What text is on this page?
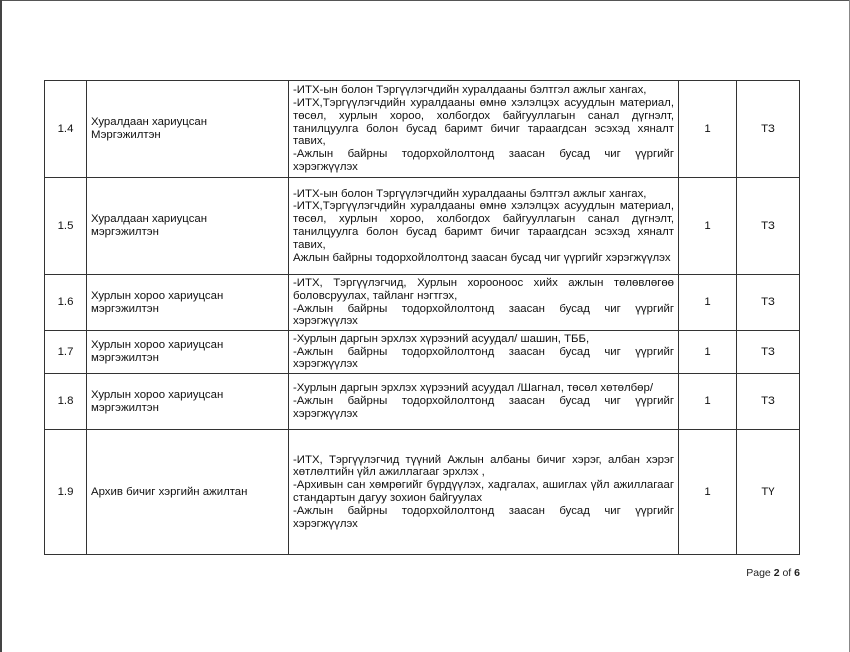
1.4	Хуралдаан хариуцсан
Мэргэжилтэн	-ИТХ-ын болон Тэргүүлэгчдийн хуралдааны бэлтгэл ажлыг хангах,
-ИТХ,Тэргүүлэгчдийн хуралдааны өмнө хэлэлцэх асуудлын материал, төсөл, хурлын хороо, холбогдох байгууллагын санал дүгнэлт, танилцуулга болон бусад баримт бичиг тараагдсан эсэхэд хяналт тавих,
-Ажлын байрны тодорхойлолтонд заасан бусад чиг үүргийг хэрэгжүүлэх	1	ТЗ
1.5	Хуралдаан хариуцсан
мэргэжилтэн	-ИТХ-ын болон Тэргүүлэгчдийн хуралдааны бэлтгэл ажлыг хангах,
-ИТХ,Тэргүүлэгчдийн хуралдааны өмнө хэлэлцэх асуудлын материал, төсөл, хурлын хороо, холбогдох байгууллагын санал дүгнэлт, танилцуулга болон бусад баримт бичиг тараагдсан эсэхэд хяналт тавих,
Ажлын байрны тодорхойлолтонд заасан бусад чиг үүргийг хэрэгжүүлэх	1	ТЗ
1.6	Хурлын хороо хариуцсан
мэргэжилтэн	-ИТХ, Тэргүүлэгчид, Хурлын хорооноос хийх ажлын төлөвлөгөө боловсруулах, тайланг нэгтгэх,
-Ажлын байрны тодорхойлолтонд заасан бусад чиг үүргийг хэрэгжүүлэх	1	ТЗ
1.7	Хурлын хороо хариуцсан
мэргэжилтэн	-Хурлын даргын эрхлэх хүрээний асуудал/ шашин, ТББ,
-Ажлын байрны тодорхойлолтонд заасан бусад чиг үүргийг хэрэгжүүлэх	1	ТЗ
1.8	Хурлын хороо хариуцсан
мэргэжилтэн	-Хурлын даргын эрхлэх хүрээний асуудал /Шагнал, төсөл хөтөлбөр/
-Ажлын байрны тодорхойлолтонд заасан бусад чиг үүргийг хэрэгжүүлэх	1	ТЗ
1.9	Архив бичиг хэргийн ажилтан	-ИТХ, Тэргүүлэгчид түүний Ажлын албаны бичиг хэрэг, албан хэрэг хөтлөлтийн үйл ажиллагааг эрхлэх ,
-Архивын сан хөмрөгийг бүрдүүлэх, хадгалах, ашиглах үйл ажиллагааг стандартын дагуу зохион байгуулах
-Ажлын байрны тодорхойлолтонд заасан бусад чиг үүргийг хэрэгжүүлэх	1	ТҮ
Page 2 of 6
